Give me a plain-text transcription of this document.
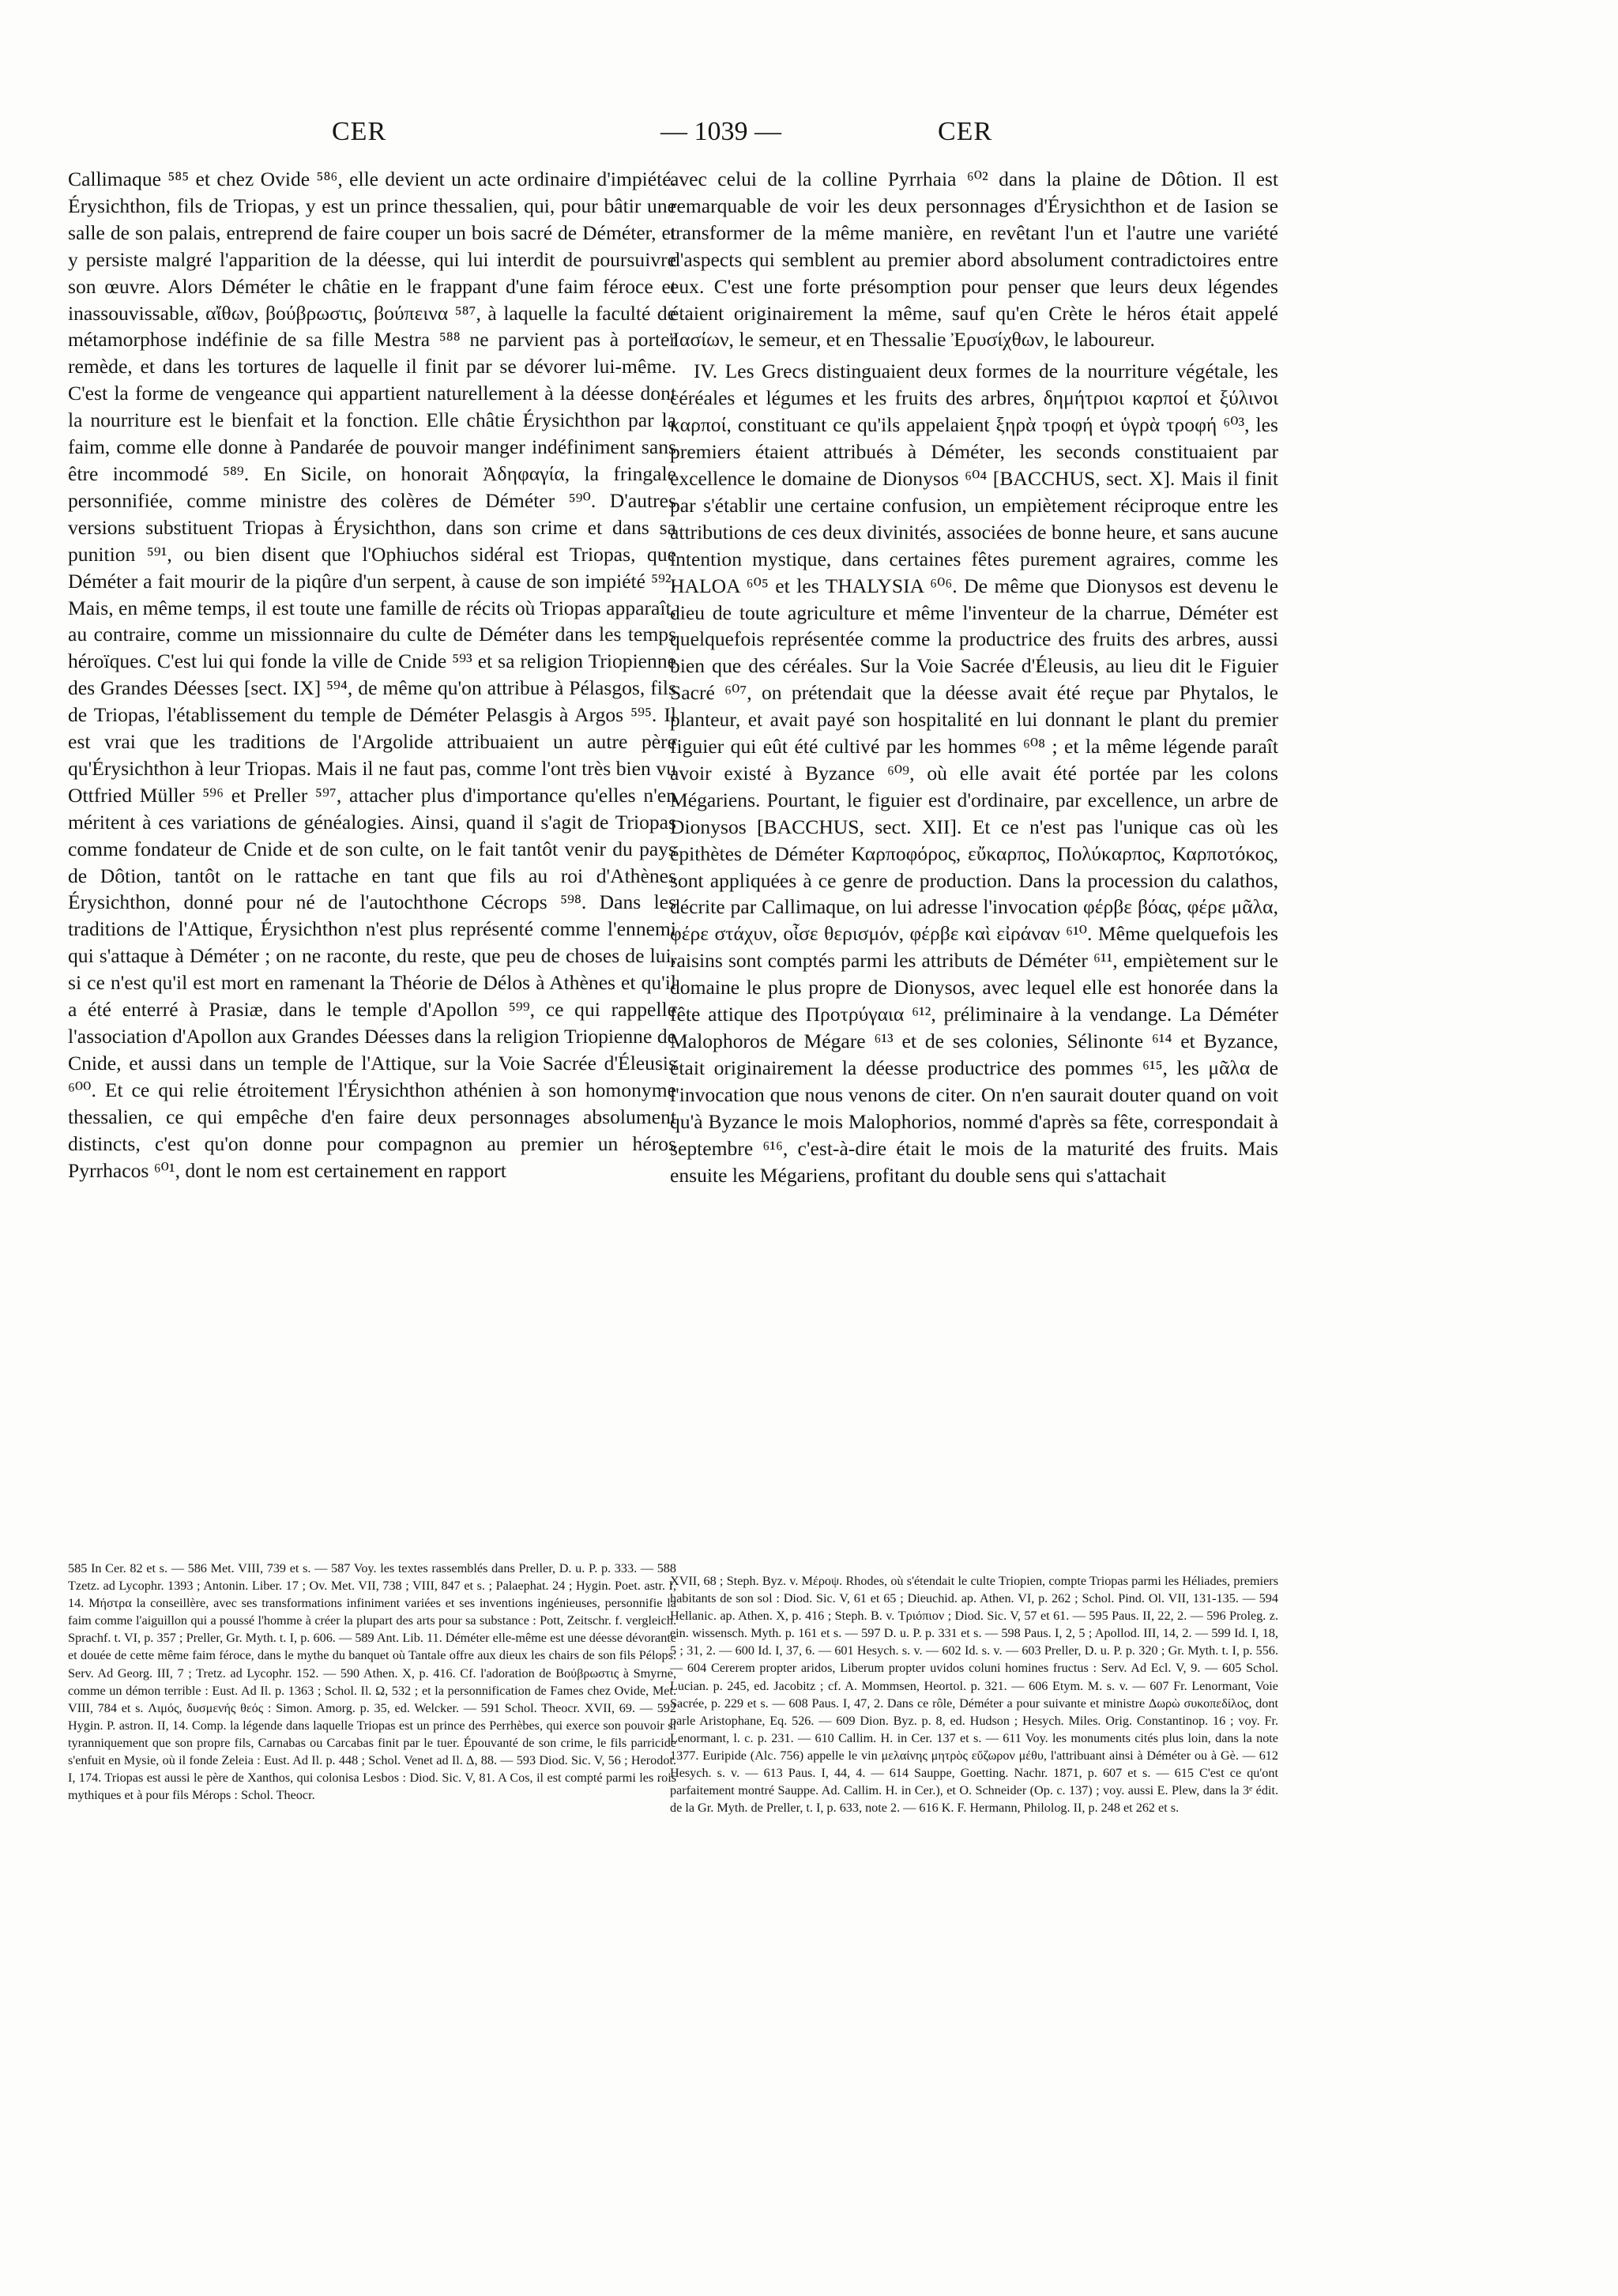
CER	— 1039 —	CER

Callimaque ⁵⁸⁵ et chez Ovide ⁵⁸⁶, elle devient un acte ordinaire d'impiété. Érysichthon, fils de Triopas, y est un prince thessalien, qui, pour bâtir une salle de son palais, entreprend de faire couper un bois sacré de Déméter, et y persiste malgré l'apparition de la déesse, qui lui interdit de poursuivre son œuvre. Alors Déméter le châtie en le frappant d'une faim féroce et inassouvissable, αἴθων, βούβρωστις, βούπεινα ⁵⁸⁷, à laquelle la faculté de métamorphose indéfinie de sa fille Mestra ⁵⁸⁸ ne parvient pas à porter remède, et dans les tortures de laquelle il finit par se dévorer lui-même. C'est la forme de vengeance qui appartient naturellement à la déesse dont la nourriture est le bienfait et la fonction. Elle châtie Érysichthon par la faim, comme elle donne à Pandarée de pouvoir manger indéfiniment sans être incommodé ⁵⁸⁹. En Sicile, on honorait Ἀδηφαγία, la fringale personnifiée, comme ministre des colères de Déméter ⁵⁹⁰. D'autres versions substituent Triopas à Érysichthon, dans son crime et dans sa punition ⁵⁹¹, ou bien disent que l'Ophiuchos sidéral est Triopas, que Déméter a fait mourir de la piqûre d'un serpent, à cause de son impiété ⁵⁹². Mais, en même temps, il est toute une famille de récits où Triopas apparaît, au contraire, comme un missionnaire du culte de Déméter dans les temps héroïques. C'est lui qui fonde la ville de Cnide ⁵⁹³ et sa religion Triopienne des Grandes Déesses [sect. IX] ⁵⁹⁴, de même qu'on attribue à Pélasgos, fils de Triopas, l'établissement du temple de Déméter Pelasgis à Argos ⁵⁹⁵. Il est vrai que les traditions de l'Argolide attribuaient un autre père qu'Érysichthon à leur Triopas. Mais il ne faut pas, comme l'ont très bien vu Ottfried Müller ⁵⁹⁶ et Preller ⁵⁹⁷, attacher plus d'importance qu'elles n'en méritent à ces variations de généalogies. Ainsi, quand il s'agit de Triopas comme fondateur de Cnide et de son culte, on le fait tantôt venir du pays de Dôtion, tantôt on le rattache en tant que fils au roi d'Athènes Érysichthon, donné pour né de l'autochthone Cécrops ⁵⁹⁸. Dans les traditions de l'Attique, Érysichthon n'est plus représenté comme l'ennemi qui s'attaque à Déméter ; on ne raconte, du reste, que peu de choses de lui, si ce n'est qu'il est mort en ramenant la Théorie de Délos à Athènes et qu'il a été enterré à Prasiæ, dans le temple d'Apollon ⁵⁹⁹, ce qui rappelle l'association d'Apollon aux Grandes Déesses dans la religion Triopienne de Cnide, et aussi dans un temple de l'Attique, sur la Voie Sacrée d'Éleusis ⁶⁰⁰. Et ce qui relie étroitement l'Érysichthon athénien à son homonyme thessalien, ce qui empêche d'en faire deux personnages absolument distincts, c'est qu'on donne pour compagnon au premier un héros Pyrrhacos ⁶⁰¹, dont le nom est certainement en rapport

avec celui de la colline Pyrrhaia ⁶⁰² dans la plaine de Dôtion. Il est remarquable de voir les deux personnages d'Érysichthon et de Iasion se transformer de la même manière, en revêtant l'un et l'autre une variété d'aspects qui semblent au premier abord absolument contradictoires entre eux. C'est une forte présomption pour penser que leurs deux légendes étaient originairement la même, sauf qu'en Crète le héros était appelé Ἰασίων, le semeur, et en Thessalie Ἐρυσίχθων, le laboureur.

IV. Les Grecs distinguaient deux formes de la nourriture végétale, les céréales et légumes et les fruits des arbres, δημήτριοι καρποί et ξύλινοι καρποί, constituant ce qu'ils appelaient ξηρὰ τροφή et ὑγρὰ τροφή ⁶⁰³, les premiers étaient attribués à Déméter, les seconds constituaient par excellence le domaine de Dionysos ⁶⁰⁴ [BACCHUS, sect. X]. Mais il finit par s'établir une certaine confusion, un empiètement réciproque entre les attributions de ces deux divinités, associées de bonne heure, et sans aucune intention mystique, dans certaines fêtes purement agraires, comme les HALOA ⁶⁰⁵ et les THALYSIA ⁶⁰⁶. De même que Dionysos est devenu le dieu de toute agriculture et même l'inventeur de la charrue, Déméter est quelquefois représentée comme la productrice des fruits des arbres, aussi bien que des céréales. Sur la Voie Sacrée d'Éleusis, au lieu dit le Figuier Sacré ⁶⁰⁷, on prétendait que la déesse avait été reçue par Phytalos, le planteur, et avait payé son hospitalité en lui donnant le plant du premier figuier qui eût été cultivé par les hommes ⁶⁰⁸ ; et la même légende paraît avoir existé à Byzance ⁶⁰⁹, où elle avait été portée par les colons Mégariens. Pourtant, le figuier est d'ordinaire, par excellence, un arbre de Dionysos [BACCHUS, sect. XII]. Et ce n'est pas l'unique cas où les épithètes de Déméter Καρποφόρος, εὔκαρπος, Πολύκαρπος, Καρποτόκος, sont appliquées à ce genre de production. Dans la procession du calathos, décrite par Callimaque, on lui adresse l'invocation φέρβε βόας, φέρε μᾶλα, φέρε στάχυν, οἶσε θερισμόν, φέρβε καὶ εἰράναν ⁶¹⁰. Même quelquefois les raisins sont comptés parmi les attributs de Déméter ⁶¹¹, empiètement sur le domaine le plus propre de Dionysos, avec lequel elle est honorée dans la fête attique des Προτρύγαια ⁶¹², préliminaire à la vendange. La Déméter Malophoros de Mégare ⁶¹³ et de ses colonies, Sélinonte ⁶¹⁴ et Byzance, était originairement la déesse productrice des pommes ⁶¹⁵, les μᾶλα de l'invocation que nous venons de citer. On n'en saurait douter quand on voit qu'à Byzance le mois Malophorios, nommé d'après sa fête, correspondait à septembre ⁶¹⁶, c'est-à-dire était le mois de la maturité des fruits. Mais ensuite les Mégariens, profitant du double sens qui s'attachait

585 In Cer. 82 et s. — 586 Met. VIII, 739 et s. — 587 Voy. les textes rassemblés dans Preller, D. u. P. p. 333. — 588 Tzetz. ad Lycophr. 1393 ; Antonin. Liber. 17 ; Ov. Met. VII, 738 ; VIII, 847 et s. ; Palaephat. 24 ; Hygin. Poet. astr. I, 14. Μήστρα la conseillère, avec ses transformations infiniment variées et ses inventions ingénieuses, personnifie la faim comme l'aiguillon qui a poussé l'homme à créer la plupart des arts pour sa substance : Pott, Zeitschr. f. vergleich. Sprachf. t. VI, p. 357 ; Preller, Gr. Myth. t. I, p. 606. — 589 Ant. Lib. 11. Déméter elle-même est une déesse dévorante et douée de cette même faim féroce, dans le mythe du banquet où Tantale offre aux dieux les chairs de son fils Pélops. Serv. Ad Georg. III, 7 ; Tretz. ad Lycophr. 152. — 590 Athen. X, p. 416. Cf. l'adoration de Βούβρωστις à Smyrne, comme un démon terrible : Eust. Ad Il. p. 1363 ; Schol. Il. Ω, 532 ; et la personnification de Fames chez Ovide, Met. VIII, 784 et s. Λιμός, δυσμενής θεός : Simon. Amorg. p. 35, ed. Welcker. — 591 Schol. Theocr. XVII, 69. — 592 Hygin. P. astron. II, 14. Comp. la légende dans laquelle Triopas est un prince des Perrhèbes, qui exerce son pouvoir si tyranniquement que son propre fils, Carnabas ou Carcabas finit par le tuer. Épouvanté de son crime, le fils parricide s'enfuit en Mysie, où il fonde Zeleia : Eust. Ad Il. p. 448 ; Schol. Venet ad Il. Δ, 88. — 593 Diod. Sic. V, 56 ; Herodot. I, 174. Triopas est aussi le père de Xanthos, qui colonisa Lesbos : Diod. Sic. V, 81. A Cos, il est compté parmi les rois mythiques et à pour fils Mérops : Schol. Theocr.

XVII, 68 ; Steph. Byz. v. Μέροψ. Rhodes, où s'étendait le culte Triopien, compte Triopas parmi les Héliades, premiers habitants de son sol : Diod. Sic. V, 61 et 65 ; Dieuchid. ap. Athen. VI, p. 262 ; Schol. Pind. Ol. VII, 131-135. — 594 Hellanic. ap. Athen. X, p. 416 ; Steph. B. v. Τριόπιον ; Diod. Sic. V, 57 et 61. — 595 Paus. II, 22, 2. — 596 Proleg. z. ein. wissensch. Myth. p. 161 et s. — 597 D. u. P. p. 331 et s. — 598 Paus. I, 2, 5 ; Apollod. III, 14, 2. — 599 Id. I, 18, 5 ; 31, 2. — 600 Id. I, 37, 6. — 601 Hesych. s. v. — 602 Id. s. v. — 603 Preller, D. u. P. p. 320 ; Gr. Myth. t. I, p. 556. — 604 Cererem propter aridos, Liberum propter uvidos coluni homines fructus : Serv. Ad Ecl. V, 9. — 605 Schol. Lucian. p. 245, ed. Jacobitz ; cf. A. Mommsen, Heortol. p. 321. — 606 Etym. M. s. v. — 607 Fr. Lenormant, Voie Sacrée, p. 229 et s. — 608 Paus. I, 47, 2. Dans ce rôle, Déméter a pour suivante et ministre Δωρὼ συκοπεδίλος, dont parle Aristophane, Eq. 526. — 609 Dion. Byz. p. 8, ed. Hudson ; Hesych. Miles. Orig. Constantinop. 16 ; voy. Fr. Lenormant, l. c. p. 231. — 610 Callim. H. in Cer. 137 et s. — 611 Voy. les monuments cités plus loin, dans la note 1377. Euripide (Alc. 756) appelle le vin μελαίνης μητρὸς εὔζωρον μέθυ, l'attribuant ainsi à Déméter ou à Gè. — 612 Hesych. s. v. — 613 Paus. I, 44, 4. — 614 Sauppe, Goetting. Nachr. 1871, p. 607 et s. — 615 C'est ce qu'ont parfaitement montré Sauppe. Ad. Callim. H. in Cer.), et O. Schneider (Op. c. 137) ; voy. aussi E. Plew, dans la 3ᵉ édit. de la Gr. Myth. de Preller, t. I, p. 633, note 2. — 616 K. F. Hermann, Philolog. II, p. 248 et 262 et s.
